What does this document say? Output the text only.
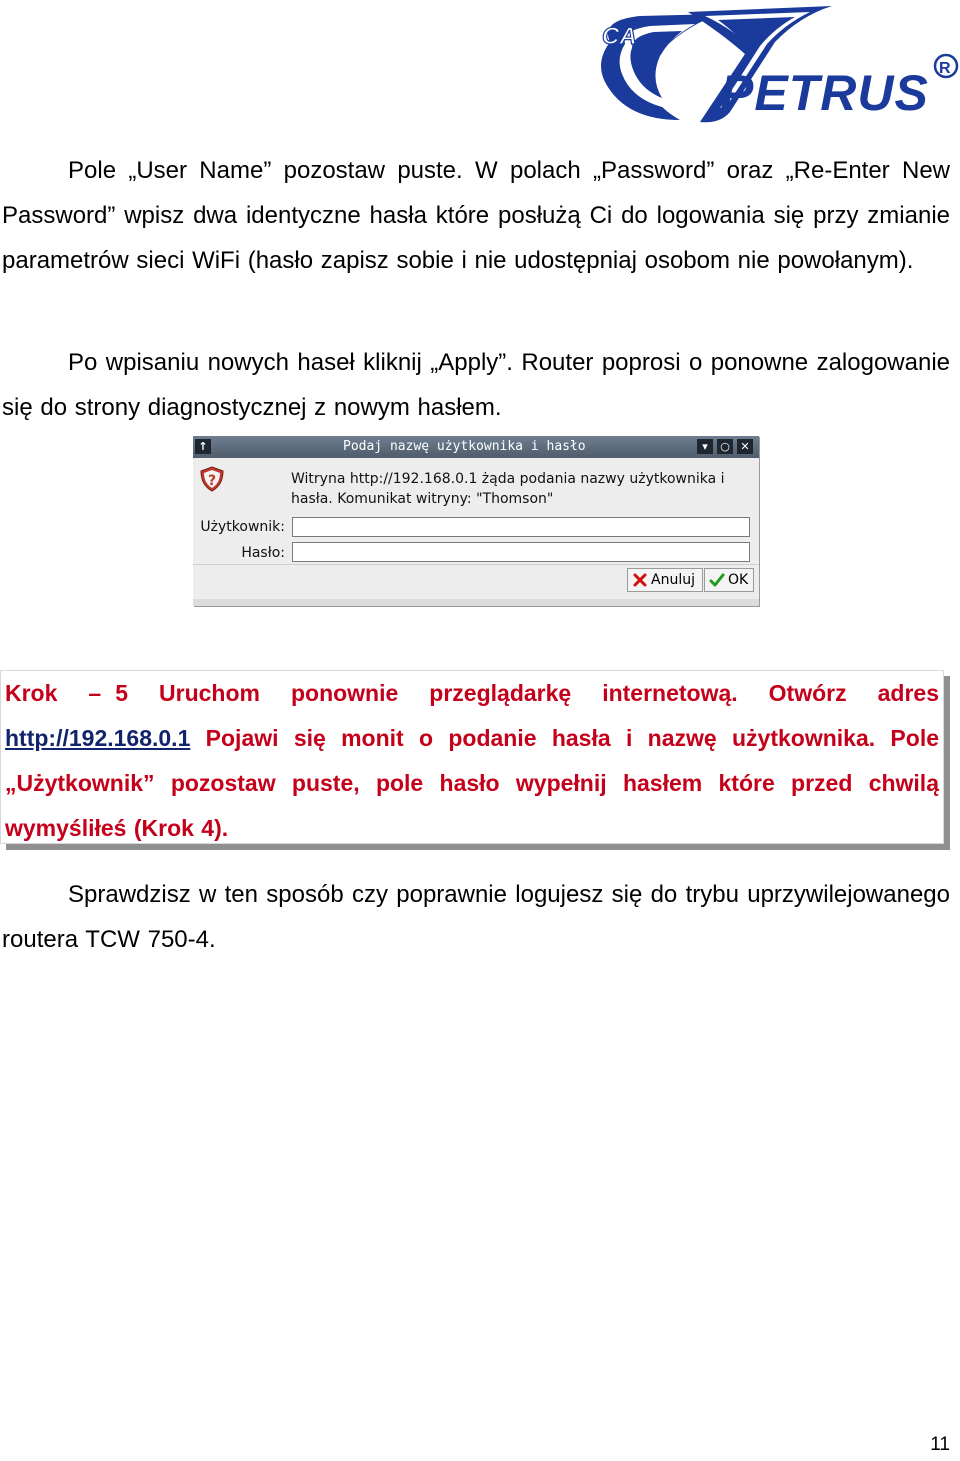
CA
PETRUS R

Pole „User Name” pozostaw puste. W polach „Password” oraz „Re-Enter New Password” wpisz dwa identyczne hasła które posłużą Ci do logowania się przy zmianie parametrów sieci WiFi (hasło zapisz sobie i nie udostępniaj osobom nie powołanym).

Po wpisaniu nowych haseł kliknij „Apply”. Router poprosi o ponowne zalogowanie się do strony diagnostycznej z nowym hasłem.

↑	Podaj nazwę użytkownika i hasło	▾	○ ✕
?	Witryna http://192.168.0.1 żąda podania nazwy użytkownika i hasła. Komunikat witryny: "Thomson"
Użytkownik:
Hasło:
Anuluj OK

Krok – 5 Uruchom ponownie przeglądarkę internetową. Otwórz adres http://192.168.0.1 Pojawi się monit o podanie hasła i nazwę użytkownika. Pole „Użytkownik” pozostaw puste, pole hasło wypełnij hasłem które przed chwilą wymyśliłeś (Krok 4).

Sprawdzisz w ten sposób czy poprawnie logujesz się do trybu uprzywilejowanego routera TCW 750-4.

11
